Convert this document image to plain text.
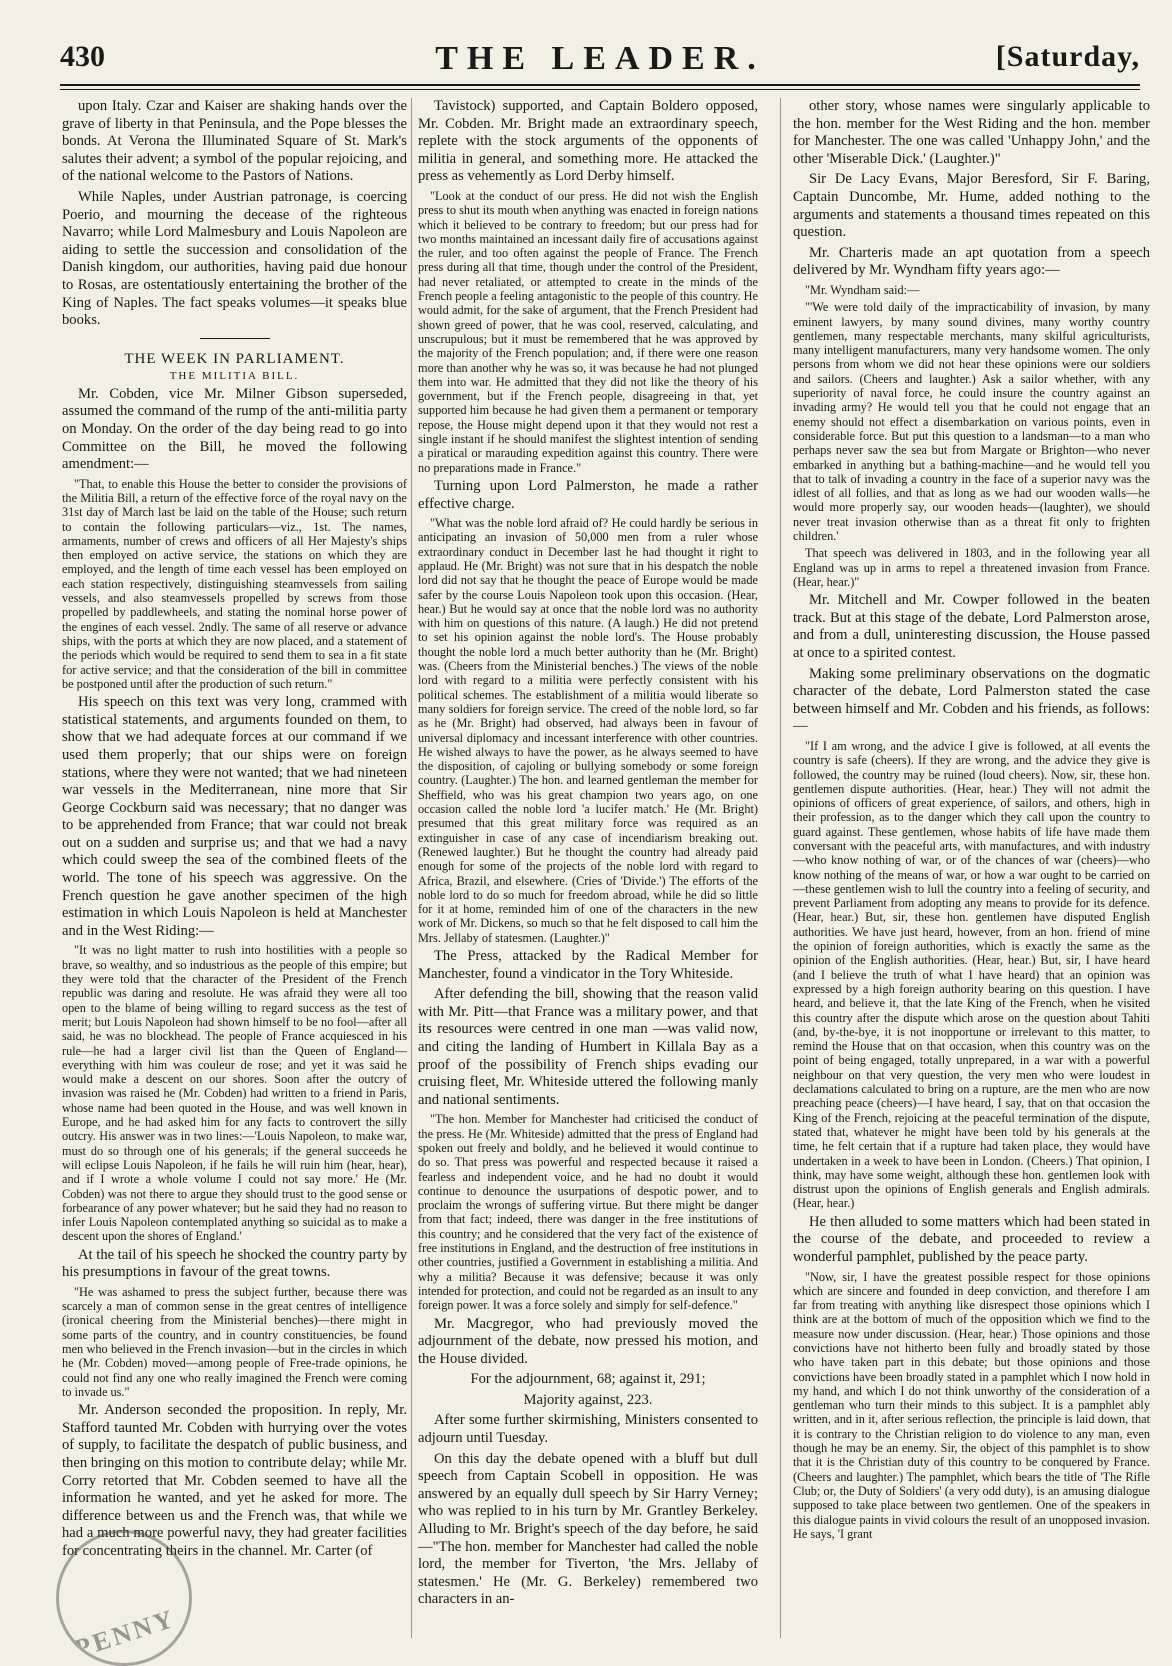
430	THE LEADER.	[Saturday,

upon Italy. Czar and Kaiser are shaking hands over the grave of liberty in that Peninsula, and the Pope blesses the bonds. At Verona the Illuminated Square of St. Mark's salutes their advent; a symbol of the popular rejoicing, and of the national welcome to the Pastors of Nations.

While Naples, under Austrian patronage, is coercing Poerio, and mourning the decease of the righteous Navarro; while Lord Malmesbury and Louis Napoleon are aiding to settle the succession and consolidation of the Danish kingdom, our authorities, having paid due honour to Rosas, are ostentatiously entertaining the brother of the King of Naples. The fact speaks volumes—it speaks blue books.

THE WEEK IN PARLIAMENT.
THE MILITIA BILL.

Mr. Cobden, vice Mr. Milner Gibson superseded, assumed the command of the rump of the anti-militia party on Monday. On the order of the day being read to go into Committee on the Bill, he moved the following amendment:—

"That, to enable this House the better to consider the provisions of the Militia Bill, a return of the effective force of the royal navy on the 31st day of March last be laid on the table of the House; such return to contain the following particulars—viz., 1st. The names, armaments, number of crews and officers of all Her Majesty's ships then employed on active service, the stations on which they are employed, and the length of time each vessel has been employed on each station respectively, distinguishing steamvessels from sailing vessels, and also steamvessels propelled by screws from those propelled by paddlewheels, and stating the nominal horse power of the engines of each vessel. 2ndly. The same of all reserve or advance ships, with the ports at which they are now placed, and a statement of the periods which would be required to send them to sea in a fit state for active service; and that the consideration of the bill in committee be postponed until after the production of such return."

His speech on this text was very long, crammed with statistical statements, and arguments founded on them, to show that we had adequate forces at our command if we used them properly; that our ships were on foreign stations, where they were not wanted; that we had nineteen war vessels in the Mediterranean, nine more that Sir George Cockburn said was necessary; that no danger was to be apprehended from France; that war could not break out on a sudden and surprise us; and that we had a navy which could sweep the sea of the combined fleets of the world. The tone of his speech was aggressive. On the French question he gave another specimen of the high estimation in which Louis Napoleon is held at Manchester and in the West Riding:—

"It was no light matter to rush into hostilities with a people so brave, so wealthy, and so industrious as the people of this empire; but they were told that the character of the President of the French republic was daring and resolute. He was afraid they were all too open to the blame of being willing to regard success as the test of merit; but Louis Napoleon had shown himself to be no fool—after all said, he was no blockhead. The people of France acquiesced in his rule—he had a larger civil list than the Queen of England—everything with him was couleur de rose; and yet it was said he would make a descent on our shores. Soon after the outcry of invasion was raised he (Mr. Cobden) had written to a friend in Paris, whose name had been quoted in the House, and was well known in Europe, and he had asked him for any facts to controvert the silly outcry. His answer was in two lines:—'Louis Napoleon, to make war, must do so through one of his generals; if the general succeeds he will eclipse Louis Napoleon, if he fails he will ruin him (hear, hear), and if I wrote a whole volume I could not say more.' He (Mr. Cobden) was not there to argue they should trust to the good sense or forbearance of any power whatever; but he said they had no reason to infer Louis Napoleon contemplated anything so suicidal as to make a descent upon the shores of England.'

At the tail of his speech he shocked the country party by his presumptions in favour of the great towns.

"He was ashamed to press the subject further, because there was scarcely a man of common sense in the great centres of intelligence (ironical cheering from the Ministerial benches)—there might in some parts of the country, and in country constituencies, be found men who believed in the French invasion—but in the circles in which he (Mr. Cobden) moved—among people of Free-trade opinions, he could not find any one who really imagined the French were coming to invade us."

Mr. Anderson seconded the proposition. In reply, Mr. Stafford taunted Mr. Cobden with hurrying over the votes of supply, to facilitate the despatch of public business, and then bringing on this motion to contribute delay; while Mr. Corry retorted that Mr. Cobden seemed to have all the information he wanted, and yet he asked for more. The difference between us and the French was, that while we had a much more powerful navy, they had greater facilities for concentrating theirs in the channel. Mr. Carter (of

Tavistock) supported, and Captain Boldero opposed, Mr. Cobden. Mr. Bright made an extraordinary speech, replete with the stock arguments of the opponents of militia in general, and something more. He attacked the press as vehemently as Lord Derby himself.

"Look at the conduct of our press. He did not wish the English press to shut its mouth when anything was enacted in foreign nations which it believed to be contrary to freedom; but our press had for two months maintained an incessant daily fire of accusations against the ruler, and too often against the people of France. The French press during all that time, though under the control of the President, had never retaliated, or attempted to create in the minds of the French people a feeling antagonistic to the people of this country. He would admit, for the sake of argument, that the French President had shown greed of power, that he was cool, reserved, calculating, and unscrupulous; but it must be remembered that he was approved by the majority of the French population; and, if there were one reason more than another why he was so, it was because he had not plunged them into war. He admitted that they did not like the theory of his government, but if the French people, disagreeing in that, yet supported him because he had given them a permanent or temporary repose, the House might depend upon it that they would not rest a single instant if he should manifest the slightest intention of sending a piratical or marauding expedition against this country. There were no preparations made in France."

Turning upon Lord Palmerston, he made a rather effective charge.

"What was the noble lord afraid of? He could hardly be serious in anticipating an invasion of 50,000 men from a ruler whose extraordinary conduct in December last he had thought it right to applaud. He (Mr. Bright) was not sure that in his despatch the noble lord did not say that he thought the peace of Europe would be made safer by the course Louis Napoleon took upon this occasion. (Hear, hear.) But he would say at once that the noble lord was no authority with him on questions of this nature. (A laugh.) He did not pretend to set his opinion against the noble lord's. The House probably thought the noble lord a much better authority than he (Mr. Bright) was. (Cheers from the Ministerial benches.) The views of the noble lord with regard to a militia were perfectly consistent with his political schemes. The establishment of a militia would liberate so many soldiers for foreign service. The creed of the noble lord, so far as he (Mr. Bright) had observed, had always been in favour of universal diplomacy and incessant interference with other countries. He wished always to have the power, as he always seemed to have the disposition, of cajoling or bullying somebody or some foreign country. (Laughter.) The hon. and learned gentleman the member for Sheffield, who was his great champion two years ago, on one occasion called the noble lord 'a lucifer match.' He (Mr. Bright) presumed that this great military force was required as an extinguisher in case of any case of incendiarism breaking out. (Renewed laughter.) But he thought the country had already paid enough for some of the projects of the noble lord with regard to Africa, Brazil, and elsewhere. (Cries of 'Divide.') The efforts of the noble lord to do so much for freedom abroad, while he did so little for it at home, reminded him of one of the characters in the new work of Mr. Dickens, so much so that he felt disposed to call him the Mrs. Jellaby of statesmen. (Laughter.)"

The Press, attacked by the Radical Member for Manchester, found a vindicator in the Tory Whiteside.

After defending the bill, showing that the reason valid with Mr. Pitt—that France was a military power, and that its resources were centred in one man —was valid now, and citing the landing of Humbert in Killala Bay as a proof of the possibility of French ships evading our cruising fleet, Mr. Whiteside uttered the following manly and national sentiments.

"The hon. Member for Manchester had criticised the conduct of the press. He (Mr. Whiteside) admitted that the press of England had spoken out freely and boldly, and he believed it would continue to do so. That press was powerful and respected because it raised a fearless and independent voice, and he had no doubt it would continue to denounce the usurpations of despotic power, and to proclaim the wrongs of suffering virtue. But there might be danger from that fact; indeed, there was danger in the free institutions of this country; and he considered that the very fact of the existence of free institutions in England, and the destruction of free institutions in other countries, justified a Government in establishing a militia. And why a militia? Because it was defensive; because it was only intended for protection, and could not be regarded as an insult to any foreign power. It was a force solely and simply for self-defence."

Mr. Macgregor, who had previously moved the adjournment of the debate, now pressed his motion, and the House divided.

For the adjournment, 68; against it, 291;

Majority against, 223.

After some further skirmishing, Ministers consented to adjourn until Tuesday.

On this day the debate opened with a bluff but dull speech from Captain Scobell in opposition. He was answered by an equally dull speech by Sir Harry Verney; who was replied to in his turn by Mr. Grantley Berkeley. Alluding to Mr. Bright's speech of the day before, he said—"The hon. member for Manchester had called the noble lord, the member for Tiverton, 'the Mrs. Jellaby of statesmen.' He (Mr. G. Berkeley) remembered two characters in an-

other story, whose names were singularly applicable to the hon. member for the West Riding and the hon. member for Manchester. The one was called 'Unhappy John,' and the other 'Miserable Dick.' (Laughter.)"

Sir De Lacy Evans, Major Beresford, Sir F. Baring, Captain Duncombe, Mr. Hume, added nothing to the arguments and statements a thousand times repeated on this question.

Mr. Charteris made an apt quotation from a speech delivered by Mr. Wyndham fifty years ago:—

"Mr. Wyndham said:—

"'We were told daily of the impracticability of invasion, by many eminent lawyers, by many sound divines, many worthy country gentlemen, many respectable merchants, many skilful agriculturists, many intelligent manufacturers, many very handsome women. The only persons from whom we did not hear these opinions were our soldiers and sailors. (Cheers and laughter.) Ask a sailor whether, with any superiority of naval force, he could insure the country against an invading army? He would tell you that he could not engage that an enemy should not effect a disembarkation on various points, even in considerable force. But put this question to a landsman—to a man who perhaps never saw the sea but from Margate or Brighton—who never embarked in anything but a bathing-machine—and he would tell you that to talk of invading a country in the face of a superior navy was the idlest of all follies, and that as long as we had our wooden walls—he would more properly say, our wooden heads—(laughter), we should never treat invasion otherwise than as a threat fit only to frighten children.'

That speech was delivered in 1803, and in the following year all England was up in arms to repel a threatened invasion from France. (Hear, hear.)"

Mr. Mitchell and Mr. Cowper followed in the beaten track. But at this stage of the debate, Lord Palmerston arose, and from a dull, uninteresting discussion, the House passed at once to a spirited contest.

Making some preliminary observations on the dogmatic character of the debate, Lord Palmerston stated the case between himself and Mr. Cobden and his friends, as follows:—

"If I am wrong, and the advice I give is followed, at all events the country is safe (cheers). If they are wrong, and the advice they give is followed, the country may be ruined (loud cheers). Now, sir, these hon. gentlemen dispute authorities. (Hear, hear.) They will not admit the opinions of officers of great experience, of sailors, and others, high in their profession, as to the danger which they call upon the country to guard against. These gentlemen, whose habits of life have made them conversant with the peaceful arts, with manufactures, and with industry—who know nothing of war, or of the chances of war (cheers)—who know nothing of the means of war, or how a war ought to be carried on—these gentlemen wish to lull the country into a feeling of security, and prevent Parliament from adopting any means to provide for its defence. (Hear, hear.) But, sir, these hon. gentlemen have disputed English authorities. We have just heard, however, from an hon. friend of mine the opinion of foreign authorities, which is exactly the same as the opinion of the English authorities. (Hear, hear.) But, sir, I have heard (and I believe the truth of what I have heard) that an opinion was expressed by a high foreign authority bearing on this question. I have heard, and believe it, that the late King of the French, when he visited this country after the dispute which arose on the question about Tahiti (and, by-the-bye, it is not inopportune or irrelevant to this matter, to remind the House that on that occasion, when this country was on the point of being engaged, totally unprepared, in a war with a powerful neighbour on that very question, the very men who were loudest in declamations calculated to bring on a rupture, are the men who are now preaching peace (cheers)—I have heard, I say, that on that occasion the King of the French, rejoicing at the peaceful termination of the dispute, stated that, whatever he might have been told by his generals at the time, he felt certain that if a rupture had taken place, they would have undertaken in a week to have been in London. (Cheers.) That opinion, I think, may have some weight, although these hon. gentlemen look with distrust upon the opinions of English generals and English admirals. (Hear, hear.)

He then alluded to some matters which had been stated in the course of the debate, and proceeded to review a wonderful pamphlet, published by the peace party.

"Now, sir, I have the greatest possible respect for those opinions which are sincere and founded in deep conviction, and therefore I am far from treating with anything like disrespect those opinions which I think are at the bottom of much of the opposition which we find to the measure now under discussion. (Hear, hear.) Those opinions and those convictions have not hitherto been fully and broadly stated by those who have taken part in this debate; but those opinions and those convictions have been broadly stated in a pamphlet which I now hold in my hand, and which I do not think unworthy of the consideration of a gentleman who turn their minds to this subject. It is a pamphlet ably written, and in it, after serious reflection, the principle is laid down, that it is contrary to the Christian religion to do violence to any man, even though he may be an enemy. Sir, the object of this pamphlet is to show that it is the Christian duty of this country to be conquered by France. (Cheers and laughter.) The pamphlet, which bears the title of 'The Rifle Club; or, the Duty of Soldiers' (a very odd duty), is an amusing dialogue supposed to take place between two gentlemen. One of the speakers in this dialogue paints in vivid colours the result of an unopposed invasion. He says, 'I grant

PENNY
